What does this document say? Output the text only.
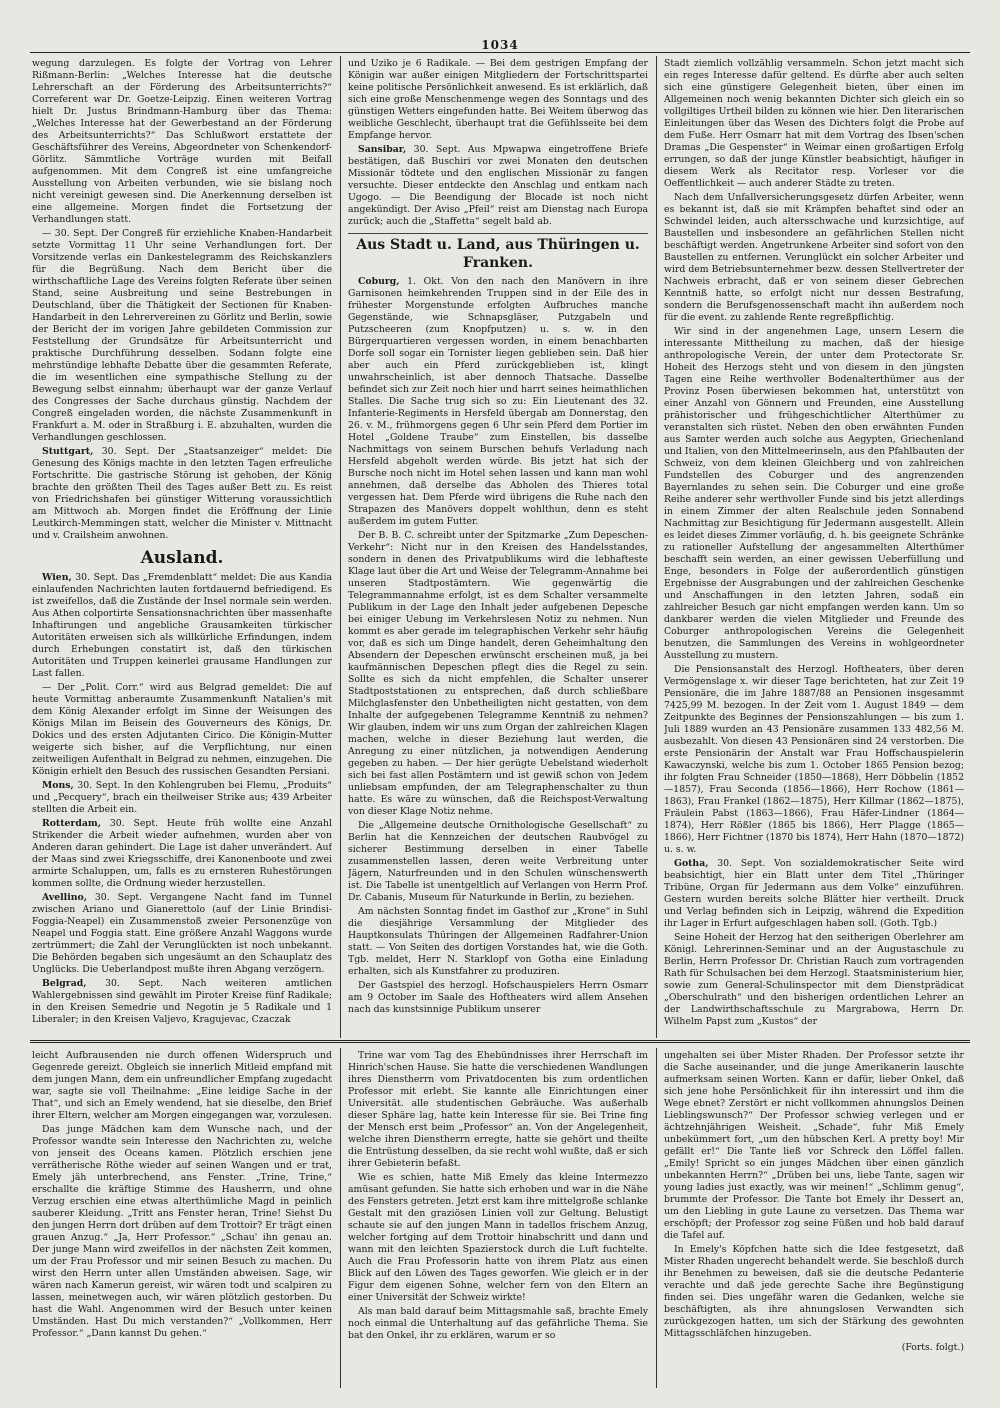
1034

wegung darzulegen. Es folgte der Vortrag von Lehrer Rißmann-Berlin: „Welches Interesse hat die deutsche Lehrerschaft an der Förderung des Arbeitsunterrichts?“ Correferent war Dr. Goetze-Leipzig. Einen weiteren Vortrag hielt Dr. Justus Brindmann-Hamburg über das Thema: „Welches Interesse hat der Gewerbestand an der Förderung des Arbeitsunterrichts?“ Das Schlußwort erstattete der Geschäftsführer des Vereins, Abgeordneter von Schenkendorf-Görlitz. Sämmtliche Vorträge wurden mit Beifall aufgenommen. Mit dem Congreß ist eine umfangreiche Ausstellung von Arbeiten verbunden, wie sie bislang noch nicht vereinigt gewesen sind. Die Anerkennung derselben ist eine allgemeine. Morgen findet die Fortsetzung der Verhandlungen statt.

— 30. Sept. Der Congreß für erziehliche Knaben-Handarbeit setzte Vormittag 11 Uhr seine Verhandlungen fort. Der Vorsitzende verlas ein Dankestelegramm des Reichskanzlers für die Begrüßung. Nach dem Bericht über die wirthschaftliche Lage des Vereins folgten Referate über seinen Stand, seine Ausbreitung und seine Bestrebungen in Deutschland, über die Thätigkeit der Sectionen für Knaben-Handarbeit in den Lehrervereinen zu Görlitz und Berlin, sowie der Bericht der im vorigen Jahre gebildeten Commission zur Feststellung der Grundsätze für Arbeitsunterricht und praktische Durchführung desselben. Sodann folgte eine mehrstündige lebhafte Debatte über die gesammten Referate, die im wesentlichen eine sympathische Stellung zu der Bewegung selbst einnahm; überhaupt war der ganze Verlauf des Congresses der Sache durchaus günstig. Nachdem der Congreß eingeladen worden, die nächste Zusammenkunft in Frankfurt a. M. oder in Straßburg i. E. abzuhalten, wurden die Verhandlungen geschlossen.

Stuttgart, 30. Sept. Der „Staatsanzeiger“ meldet: Die Genesung des Königs machte in den letzten Tagen erfreuliche Fortschritte. Die gastrische Störung ist gehoben, der König brachte den größten Theil des Tages außer Bett zu. Es reist von Friedrichshafen bei günstiger Witterung voraussichtlich am Mittwoch ab. Morgen findet die Eröffnung der Linie Leutkirch-Memmingen statt, welcher die Minister v. Mittnacht und v. Crailsheim anwohnen.

Ausland.

Wien, 30. Sept. Das „Fremdenblatt“ meldet: Die aus Kandia einlaufenden Nachrichten lauten fortdauernd befriedigend. Es ist zweifellos, daß die Zustände der Insel normale sein werden. Aus Athen colportirte Sensationsnachrichten über massenhafte Inhaftirungen und angebliche Grausamkeiten türkischer Autoritäten erweisen sich als willkürliche Erfindungen, indem durch Erhebungen constatirt ist, daß den türkischen Autoritäten und Truppen keinerlei grausame Handlungen zur Last fallen.

— Der „Polit. Corr.“ wird aus Belgrad gemeldet: Die auf heute Vormittag anberaumte Zusammenkunft Natalien's mit dem König Alexander erfolgt im Sinne der Weisungen des Königs Milan im Beisein des Gouverneurs des Königs, Dr. Dokics und des ersten Adjutanten Cirico. Die Königin-Mutter weigerte sich bisher, auf die Verpflichtung, nur einen zeitweiligen Aufenthalt in Belgrad zu nehmen, einzugehen. Die Königin erhielt den Besuch des russischen Gesandten Persiani.

Mons, 30. Sept. In den Kohlengruben bei Flemu, „Produits“ und „Pecquery“, brach ein theilweiser Strike aus; 439 Arbeiter stellten die Arbeit ein.

Rotterdam, 30. Sept. Heute früh wollte eine Anzahl Strikender die Arbeit wieder aufnehmen, wurden aber von Anderen daran gehindert. Die Lage ist daher unverändert. Auf der Maas sind zwei Kriegsschiffe, drei Kanonenboote und zwei armirte Schaluppen, um, falls es zu ernsteren Ruhestörungen kommen sollte, die Ordnung wieder herzustellen.

Avellino, 30. Sept. Vergangene Nacht fand im Tunnel zwischen Ariano und Gianerettolo (auf der Linie Brindisi-Foggia-Neapel) ein Zusammenstoß zweier Personenzüge von Neapel und Foggia statt. Eine größere Anzahl Waggons wurde zertrümmert; die Zahl der Verunglückten ist noch unbekannt. Die Behörden begaben sich ungesäumt an den Schauplatz des Unglücks. Die Ueberlandpost mußte ihren Abgang verzögern.

Belgrad, 30. Sept. Nach weiteren amtlichen Wahlergebnissen sind gewählt im Piroter Kreise fünf Radikale; in den Kreisen Semedrie und Negotin je 5 Radikale und 1 Liberaler; in den Kreisen Valjevo, Kragujevac, Czaczak

und Uziko je 6 Radikale. — Bei dem gestrigen Empfang der Königin war außer einigen Mitgliedern der Fortschrittspartei keine politische Persönlichkeit anwesend. Es ist erklärlich, daß sich eine große Menschenmenge wegen des Sonntags und des günstigen Wetters eingefunden hatte. Bei Weitem überwog das weibliche Geschlecht, überhaupt trat die Gefühlsseite bei dem Empfange hervor.

Sansibar, 30. Sept. Aus Mpwapwa eingetroffene Briefe bestätigen, daß Buschiri vor zwei Monaten den deutschen Missionär tödtete und den englischen Missionär zu fangen versuchte. Dieser entdeckte den Anschlag und entkam nach Ugogo. — Die Beendigung der Blocade ist noch nicht angekündigt. Der Aviso „Pfeil“ reist am Dienstag nach Europa zurück; auch die „Staffetta“ segelt bald ab.

Aus Stadt u. Land, aus Thüringen u. Franken.

Coburg, 1. Okt. Von den nach den Manövern in ihre Garnisonen heimkehrenden Truppen sind in der Eile des in frühester Morgenstunde erfolgten Aufbruches manche Gegenstände, wie Schnapsgläser, Putzgabeln und Putzscheeren (zum Knopfputzen) u. s. w. in den Bürgerquartieren vergessen worden, in einem benachbarten Dorfe soll sogar ein Tornister liegen geblieben sein. Daß hier aber auch ein Pferd zurückgeblieben ist, klingt unwahrscheinlich, ist aber dennoch Thatsache. Dasselbe befindet sich zur Zeit noch hier und harrt seines heimathlichen Stalles. Die Sache trug sich so zu: Ein Lieutenant des 32. Infanterie-Regiments in Hersfeld übergab am Donnerstag, den 26. v. M., frühmorgens gegen 6 Uhr sein Pferd dem Portier im Hotel „Goldene Traube“ zum Einstellen, bis dasselbe Nachmittags von seinem Burschen behufs Verladung nach Hersfeld abgeholt werden würde. Bis jetzt hat sich der Bursche noch nicht im Hotel sehen lassen und kann man wohl annehmen, daß derselbe das Abholen des Thieres total vergessen hat. Dem Pferde wird übrigens die Ruhe nach den Strapazen des Manövers doppelt wohlthun, denn es steht außerdem im gutem Futter.

Der B. B. C. schreibt unter der Spitzmarke „Zum Depeschen-Verkehr“: Nicht nur in den Kreisen des Handelsstandes, sondern in denen des Privatpublikums wird die lebhafteste Klage laut über die Art und Weise der Telegramm-Annahme bei unseren Stadtpostämtern. Wie gegenwärtig die Telegrammannahme erfolgt, ist es dem Schalter versammelte Publikum in der Lage den Inhalt jeder aufgebenen Depesche bei einiger Uebung im Verkehrslesen Notiz zu nehmen. Nun kommt es aber gerade im telegraphischen Verkehr sehr häufig vor, daß es sich um Dinge handelt, deren Geheimhaltung den Absendern der Depeschen erwünscht erscheinen muß, ja bei kaufmännischen Depeschen pflegt dies die Regel zu sein. Sollte es sich da nicht empfehlen, die Schalter unserer Stadtpoststationen zu entsprechen, daß durch schließbare Milchglasfenster den Unbetheiligten nicht gestatten, von dem Inhalte der aufgegebenen Telegramme Kenntniß zu nehmen? Wir glauben, indem wir uns zum Organ der zahlreichen Klagen machen, welche in dieser Beziehung laut werden, die Anregung zu einer nützlichen, ja notwendigen Aenderung gegeben zu haben. — Der hier gerügte Uebelstand wiederholt sich bei fast allen Postämtern und ist gewiß schon von Jedem unliebsam empfunden, der am Telegraphenschalter zu thun hatte. Es wäre zu wünschen, daß die Reichspost-Verwaltung von dieser Klage Notiz nehme.

Die „Allgemeine deutsche Ornithologische Gesellschaft“ zu Berlin hat die Kennzeichen der deutschen Raubvögel zu sicherer Bestimmung derselben in einer Tabelle zusammenstellen lassen, deren weite Verbreitung unter Jägern, Naturfreunden und in den Schulen wünschenswerth ist. Die Tabelle ist unentgeltlich auf Verlangen von Herrn Prof. Dr. Cabanis, Museum für Naturkunde in Berlin, zu beziehen.

Am nächsten Sonntag findet im Gasthof zur „Krone“ in Suhl die diesjährige Versammlung der Mitglieder des Hauptkonsulats Thüringen der Allgemeinen Radfahrer-Union statt. — Von Seiten des dortigen Vorstandes hat, wie die Goth. Tgb. meldet, Herr N. Starklopf von Gotha eine Einladung erhalten, sich als Kunstfahrer zu produziren.

Der Gastspiel des herzogl. Hofschauspielers Herrn Osmarr am 9 October im Saale des Hoftheaters wird allem Ansehen nach das kunstsinnige Publikum unserer

Stadt ziemlich vollzählig versammeln. Schon jetzt macht sich ein reges Interesse dafür geltend. Es dürfte aber auch selten sich eine günstigere Gelegenheit bieten, über einen im Allgemeinen noch wenig bekannten Dichter sich gleich ein so vollgiltiges Urtheil bilden zu können wie hier. Den literarischen Einleitungen über das Wesen des Dichters folgt die Probe auf dem Fuße. Herr Osmarr hat mit dem Vortrag des Ibsen'schen Dramas „Die Gespenster“ in Weimar einen großartigen Erfolg errungen, so daß der junge Künstler beabsichtigt, häufiger in diesem Werk als Recitator resp. Vorleser vor die Oeffentlichkeit — auch anderer Städte zu treten.

Nach dem Unfallversicherungsgesetz dürfen Arbeiter, wenn es bekannt ist, daß sie mit Krämpfen behaftet sind oder an Schwindel leiden, auch altersschwache und kurzsichtige, auf Baustellen und insbesondere an gefährlichen Stellen nicht beschäftigt werden. Angetrunkene Arbeiter sind sofort von den Baustellen zu entfernen. Verunglückt ein solcher Arbeiter und wird dem Betriebsunternehmer bezw. dessen Stellvertreter der Nachweis erbracht, daß er von seinem dieser Gebrechen Kenntniß hatte, so erfolgt nicht nur dessen Bestrafung, sondern die Berufsgenossenschaft macht ihn außerdem noch für die event. zu zahlende Rente regreßpflichtig.

Wir sind in der angenehmen Lage, unsern Lesern die interessante Mittheilung zu machen, daß der hiesige anthropologische Verein, der unter dem Protectorate Sr. Hoheit des Herzogs steht und von diesem in den jüngsten Tagen eine Reihe werthvoller Bodenalterthümer aus der Provinz Posen überwiesen bekommen hat, unterstützt von einer Anzahl von Gönnern und Freunden, eine Ausstellung prähistorischer und frühgeschichtlicher Alterthümer zu veranstalten sich rüstet. Neben den oben erwähnten Funden aus Samter werden auch solche aus Aegypten, Griechenland und Italien, von den Mittelmeerinseln, aus den Pfahlbauten der Schweiz, von dem kleinen Gleichberg und von zahlreichen Fundstellen des Coburger und des angrenzenden Bayernlandes zu sehen sein. Die Coburger und eine große Reihe anderer sehr werthvoller Funde sind bis jetzt allerdings in einem Zimmer der alten Realschule jeden Sonnabend Nachmittag zur Besichtigung für Jedermann ausgestellt. Allein es leidet dieses Zimmer vorläufig, d. h. bis geeignete Schränke zu rationeller Aufstellung der angesammelten Alterthümer beschafft sein werden, an einer gewissen Ueberfüllung und Enge, besonders in Folge der außerordentlich günstigen Ergebnisse der Ausgrabungen und der zahlreichen Geschenke und Anschaffungen in den letzten Jahren, sodaß ein zahlreicher Besuch gar nicht empfangen werden kann. Um so dankbarer werden die vielen Mitglieder und Freunde des Coburger anthropologischen Vereins die Gelegenheit benutzen, die Sammlungen des Vereins in wohlgeordneter Ausstellung zu mustern.

Die Pensionsanstalt des Herzogl. Hoftheaters, über deren Vermögenslage x. wir dieser Tage berichteten, hat zur Zeit 19 Pensionäre, die im Jahre 1887/88 an Pensionen insgesammt 7425,99 M. bezogen. In der Zeit vom 1. August 1849 — dem Zeitpunkte des Beginnes der Pensionszahlungen — bis zum 1. Juli 1889 wurden an 43 Pensionäre zusammen 133 482,56 M. ausbezahlt. Von diesen 43 Pensionären sind 24 verstorben. Die erste Pensionärin der Anstalt war Frau Hoffschauspielerin Kawaczynski, welche bis zum 1. October 1865 Pension bezog; ihr folgten Frau Schneider (1850—1868), Herr Döbbelin (1852—1857), Frau Seconda (1856—1866), Herr Rochow (1861—1863), Frau Frankel (1862—1875), Herr Killmar (1862—1875), Fräulein Pabst (1863—1866), Frau Häfer-Lindner (1864—1874), Herr Rößler (1865 bis 1866), Herr Plagge (1865—1866), Herr Fichtner (1870 bis 1874), Herr Hahn (1870—1872) u. s. w.

Gotha, 30. Sept. Von sozialdemokratischer Seite wird beabsichtigt, hier ein Blatt unter dem Titel „Thüringer Tribüne, Organ für Jedermann aus dem Volke“ einzuführen. Gestern wurden bereits solche Blätter hier vertheilt. Druck und Verlag befinden sich in Leipzig, während die Expedition ihr Lager in Erfurt aufgeschlagen haben soll. (Goth. Tgb.)

Seine Hoheit der Herzog hat den seitherigen Oberlehrer am Königl. Lehrerinnen-Seminar und an der Augustaschule zu Berlin, Herrn Professor Dr. Christian Rauch zum vortragenden Rath für Schulsachen bei dem Herzogl. Staatsministerium hier, sowie zum General-Schulinspector mit dem Dienstprädicat „Oberschulrath“ und den bisherigen ordentlichen Lehrer an der Landwirthschaftsschule zu Margrabowa, Herrn Dr. Wilhelm Papst zum „Kustos“ der

leicht Aufbrausenden nie durch offenen Widerspruch und Gegenrede gereizt. Obgleich sie innerlich Mitleid empfand mit dem jungen Mann, dem ein unfreundlicher Empfang zugedacht war, sagte sie voll Theilnahme: „Eine leidige Sache in der That“, und sich an Emely wendend, hat sie dieselbe, den Brief ihrer Eltern, welcher am Morgen eingegangen war, vorzulesen.

Das junge Mädchen kam dem Wunsche nach, und der Professor wandte sein Interesse den Nachrichten zu, welche von jenseit des Oceans kamen. Plötzlich erschien jene verrätherische Röthe wieder auf seinen Wangen und er trat, Emely jäh unterbrechend, ans Fenster. „Trine, Trine,“ erschallte die kräftige Stimme des Hausherrn, und ohne Verzug erschien eine etwas alterthümliche Magd in peinlich sauberer Kleidung. „Tritt ans Fenster heran, Trine! Siehst Du den jungen Herrn dort drüben auf dem Trottoir? Er trägt einen grauen Anzug.“ „Ja, Herr Professor.“ „Schau' ihn genau an. Der junge Mann wird zweifellos in der nächsten Zeit kommen, um der Frau Professor und mir seinen Besuch zu machen. Du wirst den Herrn unter allen Umständen abweisen. Sage, wir wären nach Kamerun gereist, wir wären todt und scalpiren zu lassen, meinetwegen auch, wir wären plötzlich gestorben. Du hast die Wahl. Angenommen wird der Besuch unter keinen Umständen. Hast Du mich verstanden?“ „Vollkommen, Herr Professor.“ „Dann kannst Du gehen.“

Trine war vom Tag des Ehebündnisses ihrer Herrschaft im Hinrich'schen Hause. Sie hatte die verschiedenen Wandlungen ihres Dienstherrn vom Privatdocenten bis zum ordentlichen Professor mit erlebt. Sie kannte alle Einrichtungen einer Universität. alle studentischen Gebräuche. Was außerhalb dieser Sphäre lag, hatte kein Interesse für sie. Bei Trine fing der Mensch erst beim „Professor“ an. Von der Angelegenheit, welche ihren Dienstherrn erregte, hatte sie gehört und theilte die Entrüstung desselben, da sie recht wohl wußte, daß er sich ihrer Gebieterin befaßt.

Wie es schien, hatte Miß Emely das kleine Intermezzo amüsant gefunden. Sie hatte sich erhoben und war in die Nähe des Fensters getreten. Jetzt erst kam ihre mittelgroße schlanke Gestalt mit den graziösen Linien voll zur Geltung. Belustigt schaute sie auf den jungen Mann in tadellos frischem Anzug, welcher fortging auf dem Trottoir hinabschritt und dann und wann mit den leichten Spazierstock durch die Luft fuchtelte. Auch die Frau Professorin hatte von ihrem Platz aus einen Blick auf den Löwen des Tages geworfen. Wie gleich er in der Figur dem eigenen Sohne, welcher fern von den Eltern an einer Universität der Schweiz wirkte!

Als man bald darauf beim Mittagsmahle saß, brachte Emely noch einmal die Unterhaltung auf das gefährliche Thema. Sie bat den Onkel, ihr zu erklären, warum er so

ungehalten sei über Mister Rhaden. Der Professor setzte ihr die Sache auseinander, und die junge Amerikanerin lauschte aufmerksam seinen Worten. Kann er dafür, lieber Onkel, daß sich jene hohe Persönlichkeit für ihn interessirt und ihm die Wege ebnet? Zerstört er nicht vollkommen ahnungslos Deinen Lieblingswunsch?“ Der Professor schwieg verlegen und er ächtzehnjährigen Weisheit. „Schade“, fuhr Miß Emely unbekümmert fort, „um den hübschen Kerl. A pretty boy! Mir gefällt er!“ Die Tante ließ vor Schreck den Löffel fallen. „Emily! Spricht so ein junges Mädchen über einen gänzlich unbekannten Herrn?“ „Drüben bei uns, liebe Tante, sagen wir young ladies just exactly, was wir meinen!“ „Schlimm genug“, brummte der Professor. Die Tante bot Emely ihr Dessert an, um den Liebling in gute Laune zu versetzen. Das Thema war erschöpft; der Professor zog seine Füßen und hob bald darauf die Tafel auf.

In Emely's Köpfchen hatte sich die Idee festgesetzt, daß Mister Rhaden ungerecht behandelt werde. Sie beschloß durch ihr Benehmen zu beweisen, daß sie die deutsche Pedanterie verachte und daß jede gerechte Sache ihre Begünstigung finden sei. Dies ungefähr waren die Gedanken, welche sie beschäftigten, als ihre ahnungslosen Verwandten sich zurückgezogen hatten, um sich der Stärkung des gewohnten Mittagsschläfchen hinzugeben.

(Forts. folgt.)
